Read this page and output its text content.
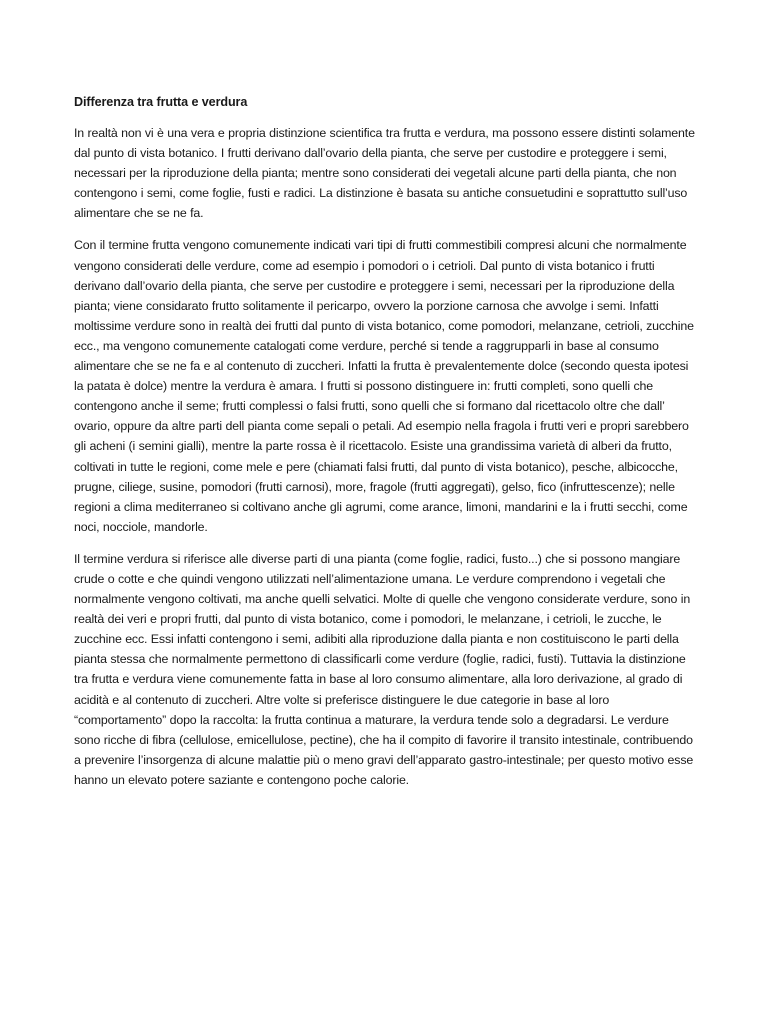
Differenza tra frutta e verdura

In realtà non vi è una vera e propria distinzione scientifica tra frutta e verdura, ma possono essere distinti solamente dal punto di vista botanico. I frutti derivano dall’ovario della pianta, che serve per custodire e proteggere i semi, necessari per la riproduzione della pianta; mentre sono considerati dei vegetali alcune parti della pianta, che non contengono i semi, come foglie, fusti e radici. La distinzione è basata su antiche consuetudini e soprattutto sull’uso alimentare che se ne fa.

Con il termine frutta vengono comunemente indicati vari tipi di frutti commestibili compresi alcuni che normalmente vengono considerati delle verdure, come ad esempio i pomodori o i cetrioli. Dal punto di vista botanico i frutti derivano dall’ovario della pianta, che serve per custodire e proteggere i semi, necessari per la riproduzione della pianta; viene considarato frutto solitamente il pericarpo, ovvero la porzione carnosa che avvolge i semi. Infatti moltissime verdure sono in realtà dei frutti dal punto di vista botanico, come pomodori, melanzane, cetrioli, zucchine ecc., ma vengono comunemente catalogati come verdure, perché si tende a raggrupparli in base al consumo alimentare che se ne fa e al contenuto di zuccheri. Infatti la frutta è prevalentemente dolce (secondo questa ipotesi la patata è dolce) mentre la verdura è amara. I frutti si possono distinguere in: frutti completi, sono quelli che contengono anche il seme; frutti complessi o falsi frutti, sono quelli che si formano dal ricettacolo oltre che dall’ ovario, oppure da altre parti dell pianta come sepali o petali. Ad esempio nella fragola i frutti veri e propri sarebbero gli acheni (i semini gialli), mentre la parte rossa è il ricettacolo. Esiste una grandissima varietà di alberi da frutto, coltivati in tutte le regioni, come mele e pere (chiamati falsi frutti, dal punto di vista botanico), pesche, albicocche, prugne, ciliege, susine, pomodori (frutti carnosi), more, fragole (frutti aggregati), gelso, fico (infruttescenze); nelle regioni a clima mediterraneo si coltivano anche gli agrumi, come arance, limoni, mandarini e la i frutti secchi, come noci, nocciole, mandorle.

Il termine verdura si riferisce alle diverse parti di una pianta (come foglie, radici, fusto...) che si possono mangiare crude o cotte e che quindi vengono utilizzati nell’alimentazione umana. Le verdure comprendono i vegetali che normalmente vengono coltivati, ma anche quelli selvatici. Molte di quelle che vengono considerate verdure, sono in realtà dei veri e propri frutti, dal punto di vista botanico, come i pomodori, le melanzane, i cetrioli, le zucche, le zucchine ecc. Essi infatti contengono i semi, adibiti alla riproduzione dalla pianta e non costituiscono le parti della pianta stessa che normalmente permettono di classificarli come verdure (foglie, radici, fusti). Tuttavia la distinzione tra frutta e verdura viene comunemente fatta in base al loro consumo alimentare, alla loro derivazione, al grado di acidità e al contenuto di zuccheri. Altre volte si preferisce distinguere le due categorie in base al loro “comportamento” dopo la raccolta: la frutta continua a maturare, la verdura tende solo a degradarsi. Le verdure sono ricche di fibra (cellulose, emicellulose, pectine), che ha il compito di favorire il transito intestinale, contribuendo a prevenire l’insorgenza di alcune malattie più o meno gravi dell’apparato gastro-intestinale; per questo motivo esse hanno un elevato potere saziante e contengono poche calorie.
